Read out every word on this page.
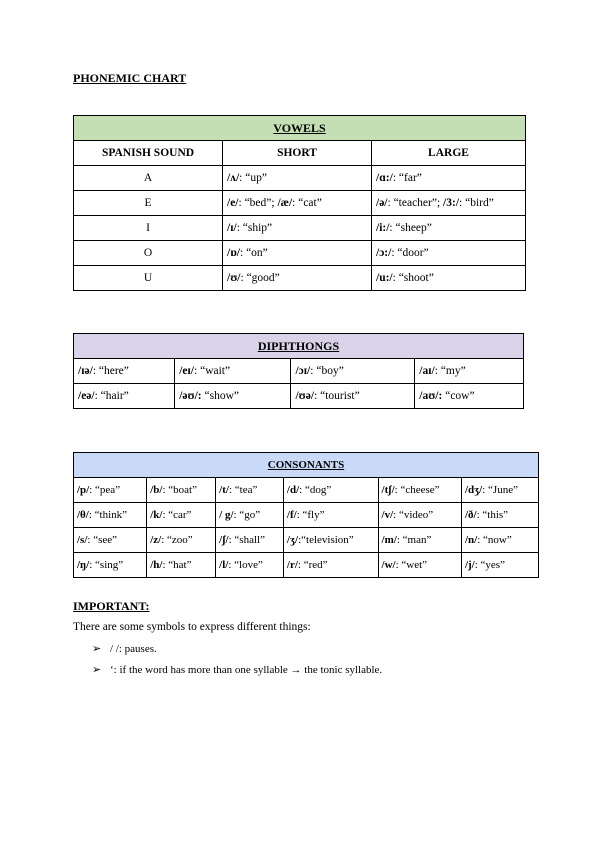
PHONEMIC CHART
VOWELS		
SPANISH SOUND	SHORT	LARGE
A	/ʌ/: “up”	/ɑ:/: “far”
E	/e/: “bed”; /æ/: “cat”	/ə/: “teacher”; /3:/: “bird”
I	/ɪ/: “ship”	/i:/: “sheep”
O	/ɒ/: “on”	/ɔ:/: “door”
U	/ʊ/: “good”	/u:/: “shoot”
DIPHTHONGS			
/ɪə/: “here”	/eɪ/: “wait”	/ɔɪ/: “boy”	/aɪ/: “my”
/eə/: “hair”	/əʊ/: “show”	/ʊə/: “tourist”	/aʊ/: “cow”
CONSONANTS					
/p/: “pea”	/b/: “boat”	/t/: “tea”	/d/: “dog”	/tʃ/: “cheese”	/dʒ/: “June”
/θ/: “think”	/k/: “car”	/ g/: “go”	/f/: “fly”	/v/: “video”	/ð/: “this”
/s/: “see”	/z/: “zoo”	/ʃ/: “shall”	/ʒ/:“television”	/m/: “man”	/n/: “now”
/ŋ/: “sing”	/h/: “hat”	/l/: “love”	/r/: “red”	/w/: “wet”	/j/: “yes”
IMPORTANT:
There are some symbols to express different things:
➢ / /: pauses.
➢ ‘: if the word has more than one syllable → the tonic syllable.
